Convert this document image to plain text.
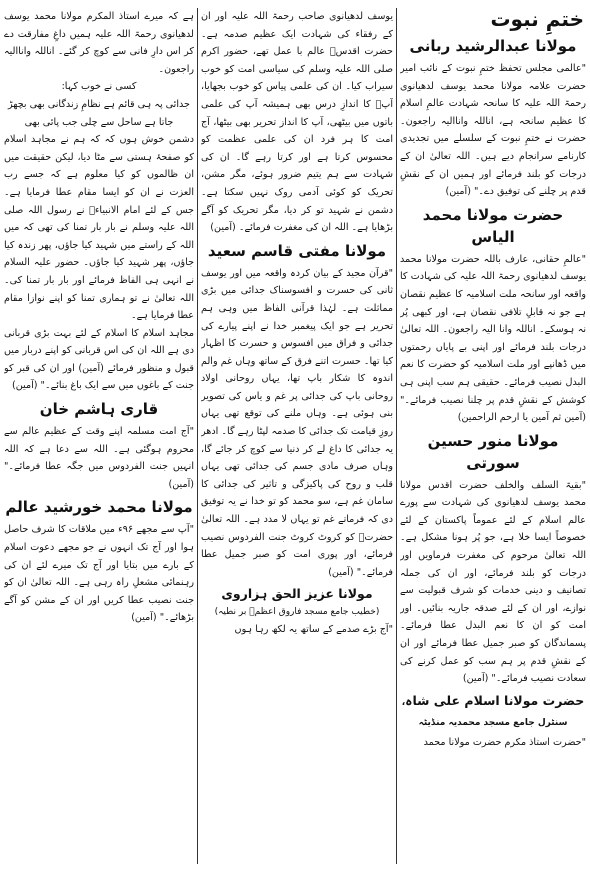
ختمِ نبوت
مولانا عبدالرشید ربانی

"عالمی مجلس تحفظ ختمِ نبوت کے نائب امیر حضرت علامہ مولانا محمد یوسف لدھیانوی رحمۃ اللہ علیہ کا سانحہ شہادت عالمِ اسلام کا عظیم سانحہ ہے، اناللہ واناالیہ راجعون۔ حضرت نے ختمِ نبوت کے سلسلے میں تجدیدی کارنامے سرانجام دیے ہیں۔ اللہ تعالیٰ ان کے درجات کو بلند فرمائے اور ہمیں ان کے نقشِ قدم پر چلنے کی توفیق دے۔" (آمین)

حضرت مولانا محمد الیاس

"عالمِ حقانی، عارف باللہ حضرت مولانا محمد یوسف لدھیانوی رحمۃ اللہ علیہ کی شہادت کا واقعہ اور سانحہ ملت اسلامیہ کا عظیم نقصان ہے جو نہ قابلِ تلافی نقصان ہے، اور کبھی پُر نہ ہوسکے۔ اناللہ وانا الیہ راجعون۔ اللہ تعالیٰ درجات بلند فرمائے اور اپنی بے پایاں رحمتوں میں ڈھانپے اور ملت اسلامیہ کو حضرت کا نعم البدل نصیب فرمائے۔ حقیقی ہم سب اپنی ہی کوشش کے نقشِ قدم پر چلنا نصیب فرمائے۔" (آمین ثم آمین یا ارحم الراحمین)

مولانا منور حسین سورتی

"بقیۃ السلف والخلف حضرت اقدس مولانا محمد یوسف لدھیانوی کی شہادت سے پورے عالم اسلام کے لئے عموماً پاکستان کے لئے خصوصاً ایسا خلا ہے، جو پُر ہونا مشکل ہے۔ اللہ تعالیٰ مرحوم کی مغفرت فرماویں اور درجات کو بلند فرمائے، اور ان کی جملہ تصانیف و دینی خدمات کو شرف قبولیت سے نوازے، اور ان کے لئے صدقہ جاریہ بنائیں۔ اور امت کو ان کا نعم البدل عطا فرمائے۔ پسماندگان کو صبر جمیل عطا فرمائے اور ان کے نقشِ قدم پر ہم سب کو عمل کرنے کی سعادت نصیب فرمائے۔" (آمین)

حضرت مولانا اسلام علی شاہ، سنٹرل جامع مسجد محمدیہ منڈیٹہ

"حضرت استاذ مکرم حضرت مولانا محمد

یوسف لدھیانوی صاحب رحمۃ اللہ علیہ اور ان کے رفقاء کی شہادت ایک عظیم صدمہ ہے۔ حضرت اقدسؒ عالم با عمل تھے، حضور اکرم صلی اللہ علیہ وسلم کی سیاسی امت کو خوب سیراب کیا۔ ان کی علمی پیاس کو خوب بجھایا، آپؐ کا اندازِ درس بھی ہمیشہ آپ کی علمی باتوں میں بیٹھی، آپ کا انداز تحریر بھی بیٹھا، آج امت کا ہر فرد ان کی علمی عظمت کو محسوس کرتا ہے اور کرتا رہے گا۔ ان کی شہادت سے ہم یتیم ضرور ہوئے، مگر مشن، تحریک کو کوئی آدمی روک نہیں سکتا ہے۔ دشمن نے شہید تو کر دیا، مگر تحریک کو آگے بڑھایا ہے۔ اللہ ان کی مغفرت فرمائے۔ (آمین)

مولانا مفتی قاسم سعید

"قرآن مجید کے بیان کردہ واقعہ میں اور یوسف ثانی کی حسرت و افسوسناک جدائی میں بڑی مماثلت ہے۔ لہٰذا قرآنی الفاظ میں وہی ہم تحریر ہے جو ایک پیغمبر خدا نے اپنے پیارے کی جدائی و فراق میں افسوس و حسرت کا اظہار کیا تھا۔ حسرت اتنے فرق کے ساتھ وہاں غم والم اندوہ کا شکار باپ تھا، یہاں روحانی اولاد روحانی باپ کی جدائی پر غم و یاس کی تصویر بنی ہوئی ہے۔ وہاں ملنے کی توقع تھی یہاں روزِ قیامت تک جدائی کا صدمہ لپٹا رہے گا۔ ادھر یہ جدائی کا داغ لے کر دنیا سے کوچ کر جائے گا، وہاں صرف مادی جسم کی جدائی تھی یہاں قلب و روح کی پاکیزگی و تاثیر کی جدائی کا سامان غم ہے، سو محمد کو تو خدا نے یہ توفیق دی کہ فرماتے غم تو یہاں لا مدد ہے۔ اللہ تعالیٰ حضرتؒ کو کروٹ کروٹ جنت الفردوس نصیب فرمائے، اور پوری امت کو صبر جمیل عطا فرمائے۔" (آمین)

مولانا عزیز الحق ہزاروی
(خطیب جامع مسجد فاروق اعظمؓ بر نطیہ)

"آج بڑے صدمے کے ساتھ یہ لکھ رہا ہوں

ہے کہ میرے استاذ المکرم مولانا محمد یوسف لدھیانوی رحمۃ اللہ علیہ ہمیں داغِ مفارقت دے کر اس دارِ فانی سے کوچ کر گئے۔ اناللہ واناالیہ راجعون۔

کسی نے خوب کہا:

جدائی پہ ہی قائم ہے نظامِ زندگانی بھی بچھڑ جاتا ہے ساحل سے چلی جب پائی بھی

دشمن خوش ہوں کہ کہ ہم نے مجاہد اسلام کو صفحۂ ہستی سے مٹا دیا، لیکن حقیقت میں ان ظالموں کو کیا معلوم ہے کہ جسے رب العزت نے ان کو ایسا مقام عطا فرمایا ہے۔ جس کے لئے امام الانبیاءؐ نے رسول اللہ صلی اللہ علیہ وسلم نے بار بار تمنا کی تھی کہ میں اللہ کے راستے میں شہید کیا جاؤں، پھر زندہ کیا جاؤں، پھر شہید کیا جاؤں۔ حضور علیہ السلام نے انہی ہی الفاظ فرمائے اور بار بار تمنا کی۔ اللہ تعالیٰ نے تو ہماری تمنا کو اپنے نوازا مقام عطا فرمایا ہے۔

مجاہد اسلام کا اسلام کے لئے بہت بڑی قربانی دی ہے اللہ ان کی اس قربانی کو اپنے دربار میں قبول و منظور فرمائے (آمین) اور ان کی قبر کو جنت کے باغوں میں سے ایک باغ بنائے۔" (آمین)

قاری ہاشم خان

"آج امت مسلمہ اپنے وقت کے عظیم عالم سے محروم ہوگئی ہے۔ اللہ سے دعا ہے کہ اللہ انہیں جنت الفردوس میں جگہ عطا فرمائے۔" (آمین)

مولانا محمد خورشید عالم

"آپ سے مجھے ۹۶ء میں ملاقات کا شرف حاصل ہوا اور آج تک انہوں نے جو مجھے دعوت اسلام کے بارے میں بتایا اور آج تک میرے لئے ان کی رہنمائی مشعلِ راہ رہی ہے۔ اللہ تعالیٰ ان کو جنت نصیب عطا کریں اور ان کے مشن کو آگے بڑھائے۔" (آمین)
